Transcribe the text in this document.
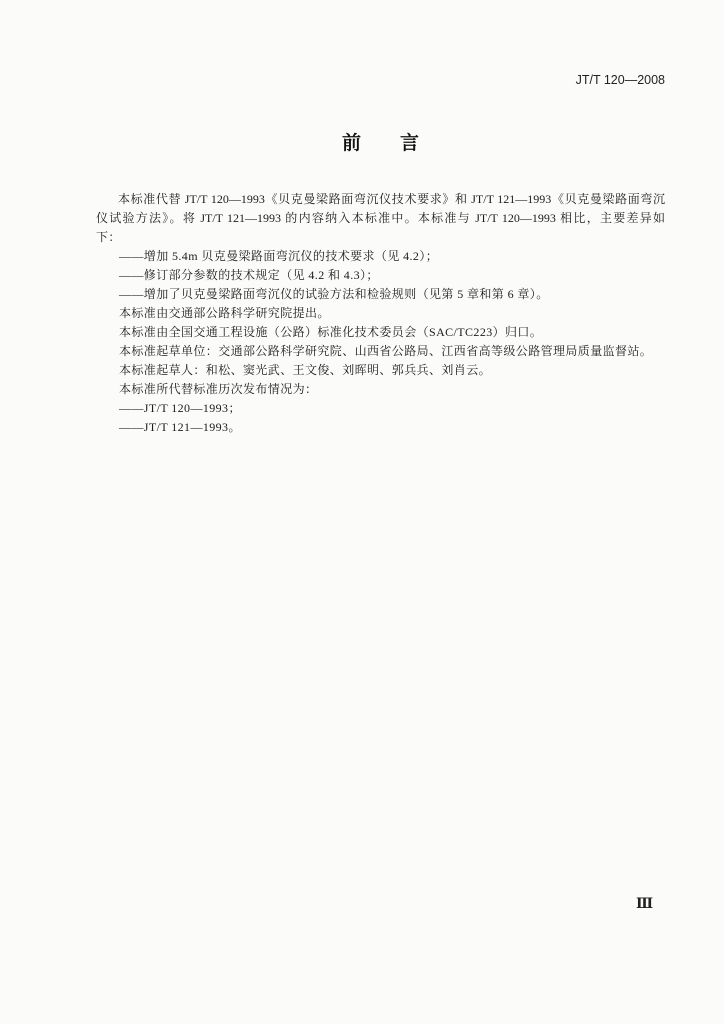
JT/T 120—2008
前　言
本标准代替 JT/T 120—1993《贝克曼梁路面弯沉仪技术要求》和 JT/T 121—1993《贝克曼梁路面弯沉
仪试验方法》。将 JT/T 121—1993 的内容纳入本标准中。本标准与 JT/T 120—1993 相比，主要差异如
下：
——增加 5.4m 贝克曼梁路面弯沉仪的技术要求（见 4.2）；
——修订部分参数的技术规定（见 4.2 和 4.3）；
——增加了贝克曼梁路面弯沉仪的试验方法和检验规则（见第 5 章和第 6 章）。
本标准由交通部公路科学研究院提出。
本标准由全国交通工程设施（公路）标准化技术委员会（SAC/TC223）归口。
本标准起草单位：交通部公路科学研究院、山西省公路局、江西省高等级公路管理局质量监督站。
本标准起草人：和松、窦光武、王文俊、刘晖明、郭兵兵、刘肖云。
本标准所代替标准历次发布情况为：
——JT/T 120—1993；
——JT/T 121—1993。
Ⅲ
